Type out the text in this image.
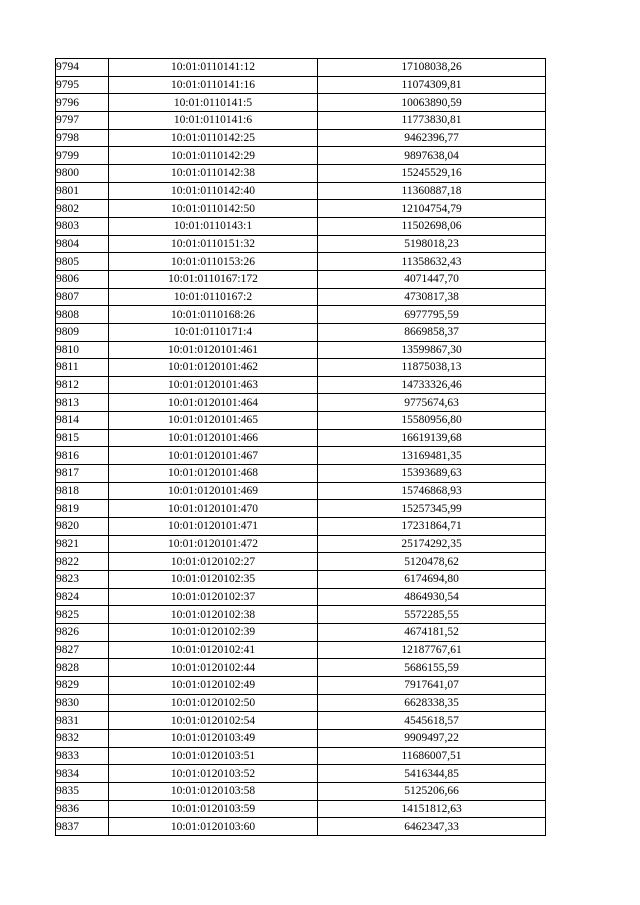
9794	10:01:0110141:12	17108038,26
9795	10:01:0110141:16	11074309,81
9796	10:01:0110141:5	10063890,59
9797	10:01:0110141:6	11773830,81
9798	10:01:0110142:25	9462396,77
9799	10:01:0110142:29	9897638,04
9800	10:01:0110142:38	15245529,16
9801	10:01:0110142:40	11360887,18
9802	10:01:0110142:50	12104754,79
9803	10:01:0110143:1	11502698,06
9804	10:01:0110151:32	5198018,23
9805	10:01:0110153:26	11358632,43
9806	10:01:0110167:172	4071447,70
9807	10:01:0110167:2	4730817,38
9808	10:01:0110168:26	6977795,59
9809	10:01:0110171:4	8669858,37
9810	10:01:0120101:461	13599867,30
9811	10:01:0120101:462	11875038,13
9812	10:01:0120101:463	14733326,46
9813	10:01:0120101:464	9775674,63
9814	10:01:0120101:465	15580956,80
9815	10:01:0120101:466	16619139,68
9816	10:01:0120101:467	13169481,35
9817	10:01:0120101:468	15393689,63
9818	10:01:0120101:469	15746868,93
9819	10:01:0120101:470	15257345,99
9820	10:01:0120101:471	17231864,71
9821	10:01:0120101:472	25174292,35
9822	10:01:0120102:27	5120478,62
9823	10:01:0120102:35	6174694,80
9824	10:01:0120102:37	4864930,54
9825	10:01:0120102:38	5572285,55
9826	10:01:0120102:39	4674181,52
9827	10:01:0120102:41	12187767,61
9828	10:01:0120102:44	5686155,59
9829	10:01:0120102:49	7917641,07
9830	10:01:0120102:50	6628338,35
9831	10:01:0120102:54	4545618,57
9832	10:01:0120103:49	9909497,22
9833	10:01:0120103:51	11686007,51
9834	10:01:0120103:52	5416344,85
9835	10:01:0120103:58	5125206,66
9836	10:01:0120103:59	14151812,63
9837	10:01:0120103:60	6462347,33
